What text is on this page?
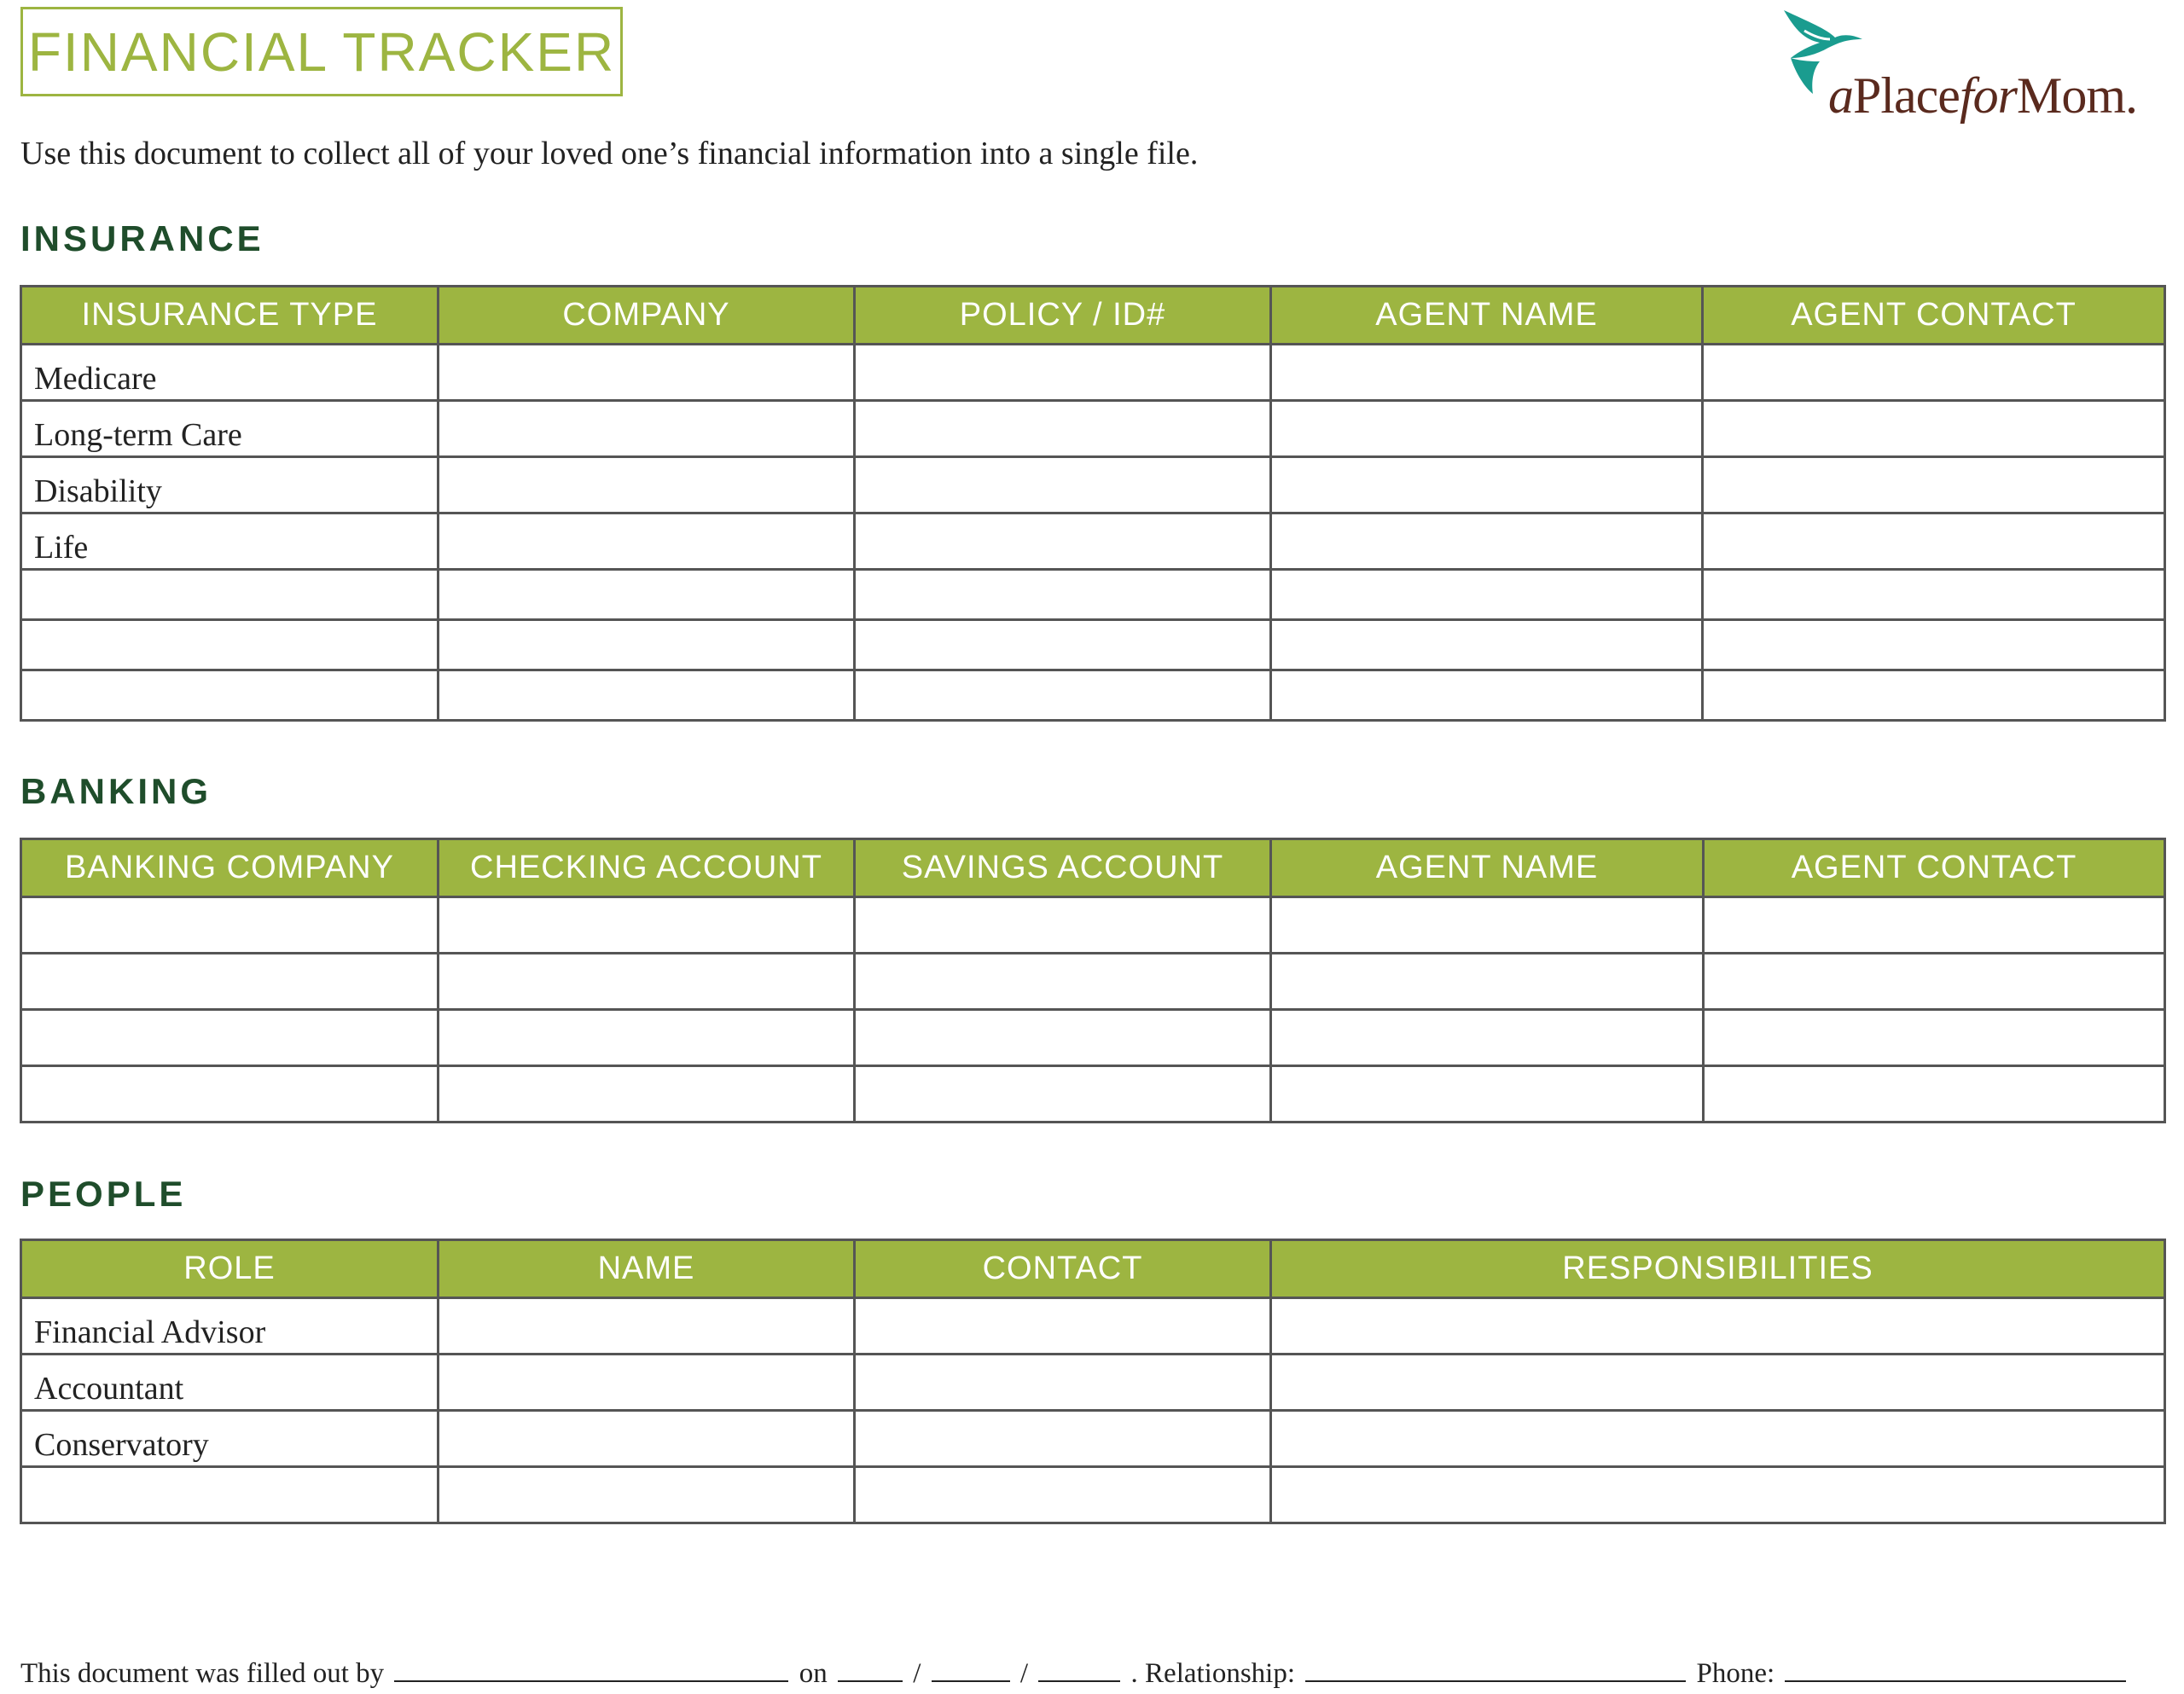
FINANCIAL TRACKER
aPlaceforMom.
Use this document to collect all of your loved one’s financial information into a single file.
INSURANCE
INSURANCE TYPE	COMPANY	POLICY / ID#	AGENT NAME	AGENT CONTACT
Medicare				
Long-term Care				
Disability				
Life				

BANKING
BANKING COMPANY	CHECKING ACCOUNT	SAVINGS ACCOUNT	AGENT NAME	AGENT CONTACT

PEOPLE
ROLE	NAME	CONTACT	RESPONSIBILITIES
Financial Advisor			
Accountant			
Conservatory			

This document was filled out by	on	/	/	. Relationship:	Phone:
